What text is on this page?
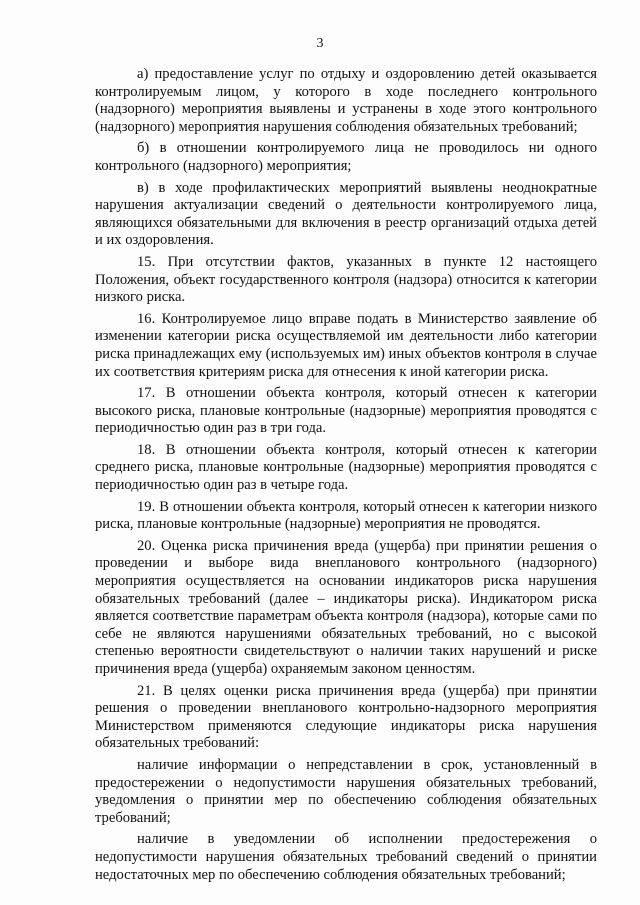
3

а) предоставление услуг по отдыху и оздоровлению детей оказывается контролируемым лицом, у которого в ходе последнего контрольного (надзорного) мероприятия выявлены и устранены в ходе этого контрольного (надзорного) мероприятия нарушения соблюдения обязательных требований;

б) в отношении контролируемого лица не проводилось ни одного контрольного (надзорного) мероприятия;

в) в ходе профилактических мероприятий выявлены неоднократные нарушения актуализации сведений о деятельности контролируемого лица, являющихся обязательными для включения в реестр организаций отдыха детей и их оздоровления.

15. При отсутствии фактов, указанных в пункте 12 настоящего Положения, объект государственного контроля (надзора) относится к категории низкого риска.

16. Контролируемое лицо вправе подать в Министерство заявление об изменении категории риска осуществляемой им деятельности либо категории риска принадлежащих ему (используемых им) иных объектов контроля в случае их соответствия критериям риска для отнесения к иной категории риска.

17. В отношении объекта контроля, который отнесен к категории высокого риска, плановые контрольные (надзорные) мероприятия проводятся с периодичностью один раз в три года.

18. В отношении объекта контроля, который отнесен к категории среднего риска, плановые контрольные (надзорные) мероприятия проводятся с периодичностью один раз в четыре года.

19. В отношении объекта контроля, который отнесен к категории низкого риска, плановые контрольные (надзорные) мероприятия не проводятся.

20. Оценка риска причинения вреда (ущерба) при принятии решения о проведении и выборе вида внепланового контрольного (надзорного) мероприятия осуществляется на основании индикаторов риска нарушения обязательных требований (далее – индикаторы риска). Индикатором риска является соответствие параметрам объекта контроля (надзора), которые сами по себе не являются нарушениями обязательных требований, но с высокой степенью вероятности свидетельствуют о наличии таких нарушений и риске причинения вреда (ущерба) охраняемым законом ценностям.

21. В целях оценки риска причинения вреда (ущерба) при принятии решения о проведении внепланового контрольно-надзорного мероприятия Министерством применяются следующие индикаторы риска нарушения обязательных требований:

наличие информации о непредставлении в срок, установленный в предостережении о недопустимости нарушения обязательных требований, уведомления о принятии мер по обеспечению соблюдения обязательных требований;

наличие в уведомлении об исполнении предостережения о недопустимости нарушения обязательных требований сведений о принятии недостаточных мер по обеспечению соблюдения обязательных требований;
